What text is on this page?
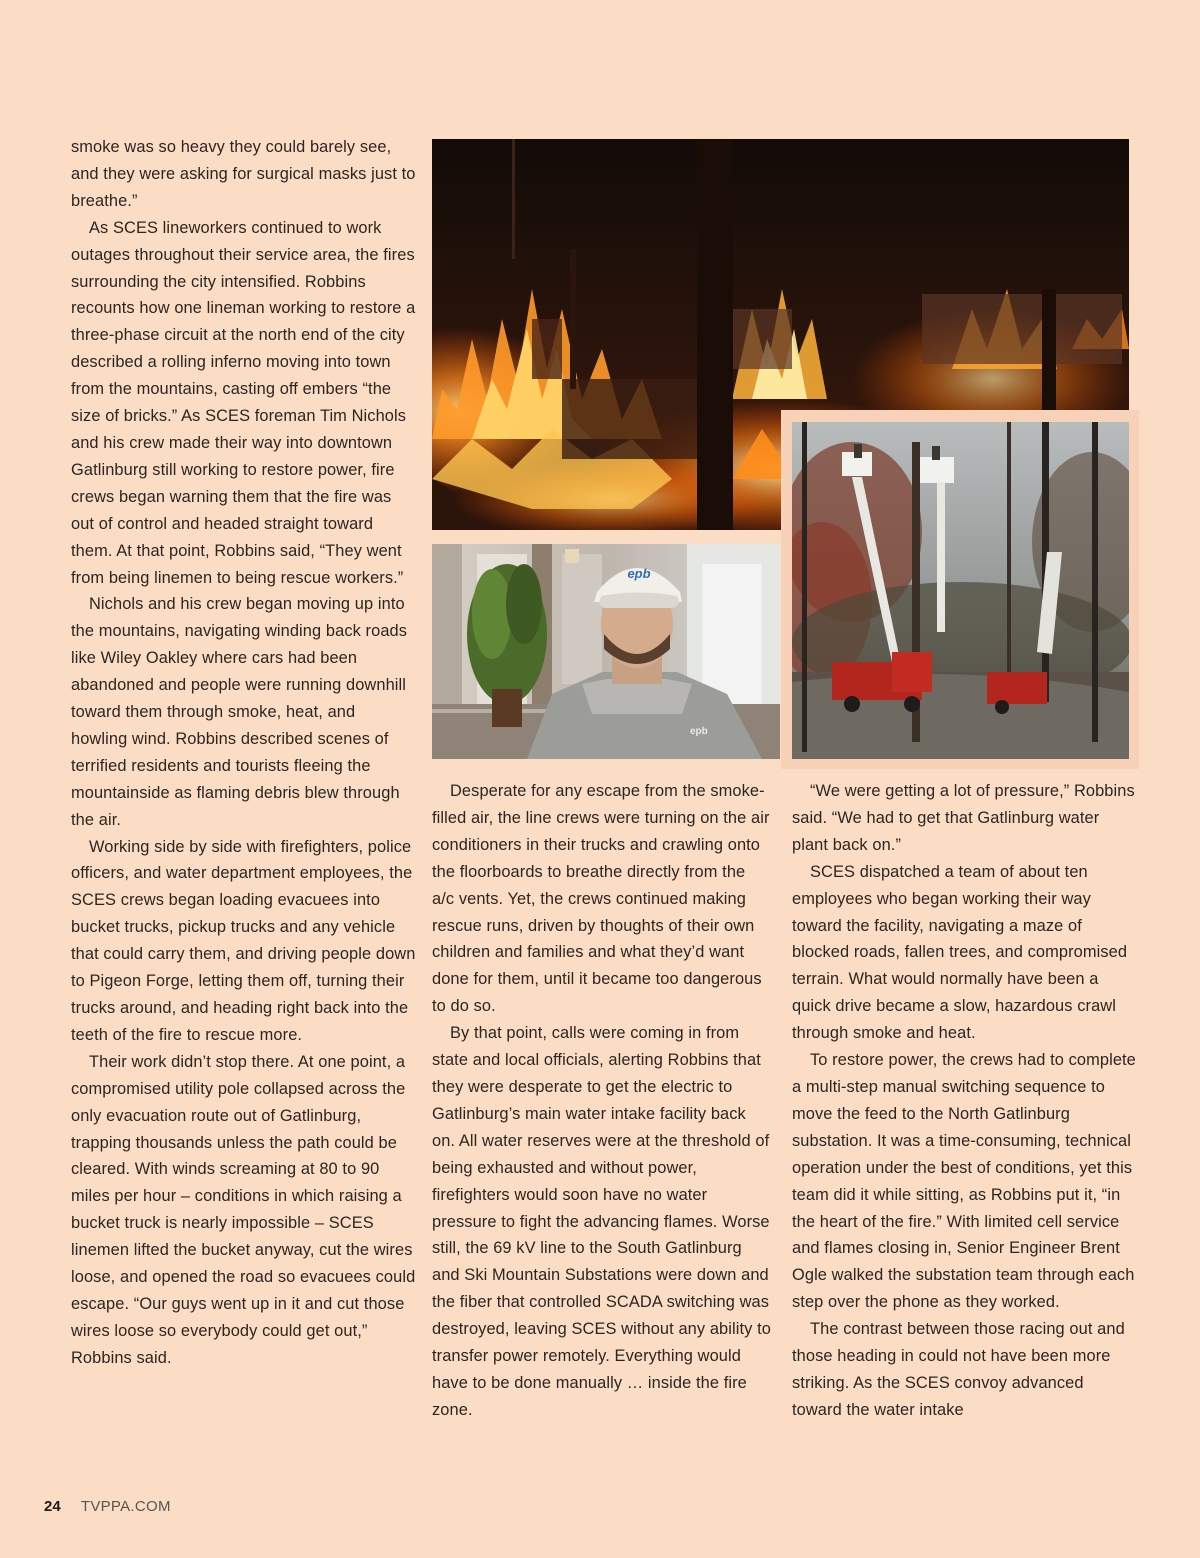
smoke was so heavy they could barely see, and they were asking for surgical masks just to breathe.”

As SCES lineworkers continued to work outages throughout their service area, the fires surrounding the city intensified. Robbins recounts how one lineman working to restore a three-phase circuit at the north end of the city described a rolling inferno moving into town from the mountains, casting off embers “the size of bricks.” As SCES foreman Tim Nichols and his crew made their way into downtown Gatlinburg still working to restore power, fire crews began warning them that the fire was out of control and headed straight toward them. At that point, Robbins said, “They went from being linemen to being rescue workers.”

Nichols and his crew began moving up into the mountains, navigating winding back roads like Wiley Oakley where cars had been abandoned and people were running downhill toward them through smoke, heat, and howling wind. Robbins described scenes of terrified residents and tourists fleeing the mountainside as flaming debris blew through the air.

Working side by side with firefighters, police officers, and water department employees, the SCES crews began loading evacuees into bucket trucks, pickup trucks and any vehicle that could carry them, and driving people down to Pigeon Forge, letting them off, turning their trucks around, and heading right back into the teeth of the fire to rescue more.

Their work didn’t stop there. At one point, a compromised utility pole collapsed across the only evacuation route out of Gatlinburg, trapping thousands unless the path could be cleared. With winds screaming at 80 to 90 miles per hour – conditions in which raising a bucket truck is nearly impossible – SCES linemen lifted the bucket anyway, cut the wires loose, and opened the road so evacuees could escape. “Our guys went up in it and cut those wires loose so everybody could get out,” Robbins said.

epb
epb

Desperate for any escape from the smoke-filled air, the line crews were turning on the air conditioners in their trucks and crawling onto the floorboards to breathe directly from the a/c vents. Yet, the crews continued making rescue runs, driven by thoughts of their own children and families and what they’d want done for them, until it became too dangerous to do so.

By that point, calls were coming in from state and local officials, alerting Robbins that they were desperate to get the electric to Gatlinburg’s main water intake facility back on. All water reserves were at the threshold of being exhausted and without power, firefighters would soon have no water pressure to fight the advancing flames. Worse still, the 69 kV line to the South Gatlinburg and Ski Mountain Substations were down and the fiber that controlled SCADA switching was destroyed, leaving SCES without any ability to transfer power remotely. Everything would have to be done manually … inside the fire zone.

“We were getting a lot of pressure,” Robbins said. “We had to get that Gatlinburg water plant back on.”

SCES dispatched a team of about ten employees who began working their way toward the facility, navigating a maze of blocked roads, fallen trees, and compromised terrain. What would normally have been a quick drive became a slow, hazardous crawl through smoke and heat.

To restore power, the crews had to complete a multi-step manual switching sequence to move the feed to the North Gatlinburg substation. It was a time-consuming, technical operation under the best of conditions, yet this team did it while sitting, as Robbins put it, “in the heart of the fire.” With limited cell service and flames closing in, Senior Engineer Brent Ogle walked the substation team through each step over the phone as they worked.

The contrast between those racing out and those heading in could not have been more striking. As the SCES convoy advanced toward the water intake

24 TVPPA.COM
